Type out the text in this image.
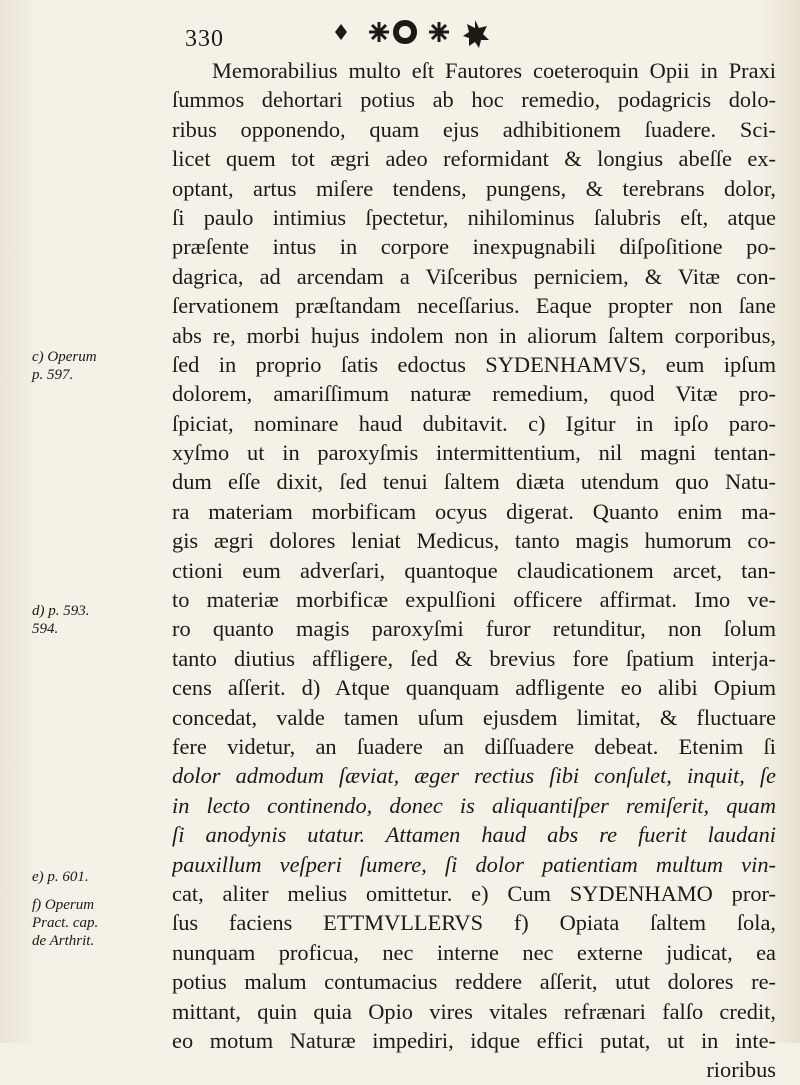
330
c) Operum
p. 597.
d) p. 593.
594.
e) p. 601.
f) Operum
Pract. cap.
de Arthrit.
Memorabilius multo eſt Fautores coeteroquin Opii in Praxi
ſummos dehortari potius ab hoc remedio, podagricis dolo-
ribus opponendo, quam ejus adhibitionem ſuadere. Sci-
licet quem tot ægri adeo reformidant & longius abeſſe ex-
optant, artus miſere tendens, pungens, & terebrans dolor,
ſi paulo intimius ſpectetur, nihilominus ſalubris eſt, atque
præſente intus in corpore inexpugnabili diſpoſitione po-
dagrica, ad arcendam a Viſceribus perniciem, & Vitæ con-
ſervationem præſtandam neceſſarius. Eaque propter non ſane
abs re, morbi hujus indolem non in aliorum ſaltem corporibus,
ſed in proprio ſatis edoctus SYDENHAMVS, eum ipſum
dolorem, amariſſimum naturæ remedium, quod Vitæ pro-
ſpiciat, nominare haud dubitavit. c) Igitur in ipſo paro-
xyſmo ut in paroxyſmis intermittentium, nil magni tentan-
dum eſſe dixit, ſed tenui ſaltem diæta utendum quo Natu-
ra materiam morbificam ocyus digerat. Quanto enim ma-
gis ægri dolores leniat Medicus, tanto magis humorum co-
ctioni eum adverſari, quantoque claudicationem arcet, tan-
to materiæ morbificæ expulſioni officere affirmat. Imo ve-
ro quanto magis paroxyſmi furor retunditur, non ſolum
tanto diutius affligere, ſed & brevius fore ſpatium interja-
cens aſſerit. d) Atque quanquam adfligente eo alibi Opium
concedat, valde tamen uſum ejusdem limitat, & fluctuare
fere videtur, an ſuadere an diſſuadere debeat. Etenim ſi
dolor admodum ſæviat, æger rectius ſibi conſulet, inquit, ſe
in lecto continendo, donec is aliquantiſper remiſerit, quam
ſi anodynis utatur. Attamen haud abs re fuerit laudani
pauxillum veſperi ſumere, ſi dolor patientiam multum vin-
cat, aliter melius omittetur. e) Cum SYDENHAMO pror-
ſus faciens ETTMVLLERVS f) Opiata ſaltem ſola,
nunquam proficua, nec interne nec externe judicat, ea
potius malum contumacius reddere aſſerit, utut dolores re-
mittant, quin quia Opio vires vitales refrænari falſo credit,
eo motum Naturæ impediri, idque effici putat, ut in inte-
rioribus
